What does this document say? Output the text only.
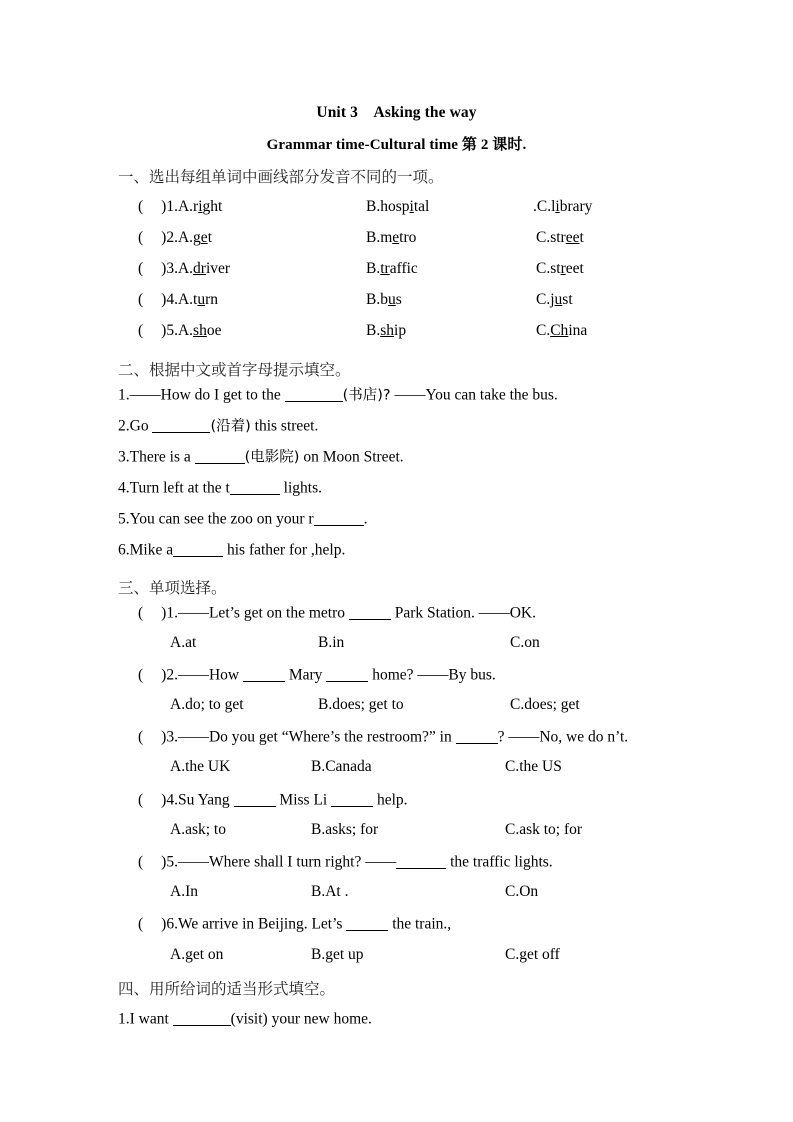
Unit 3 Asking the way
Grammar time-Cultural time 第 2 课时.
一、选出每组单词中画线部分发音不同的一项。
( )1.A.right	B.hospital	.C.library
( )2.A.get	B.metro	C.street
( )3.A.driver	B.traffic	C.street
( )4.A.turn	B.bus	C.just
( )5.A.shoe	B.ship	C.China
二、根据中文或首字母提示填空。
1.——How do I get to the	(书店)? ——You can take the bus.
2.Go	(沿着) this street.
3.There is a	(电影院) on Moon Street.
4.Turn left at the t	lights.
5.You can see the zoo on your r	.
6.Mike a	his father for ,help.
三、单项选择。
( )1.——Let’s get on the metro	Park Station. ——OK.
A.at	B.in	C.on
( )2.——How	Mary	home? ——By bus.
A.do; to get	B.does; get to	C.does; get
( )3.——Do you get “Where’s the restroom?” in	? ——No, we do n’t.
A.the UK	B.Canada	C.the US
( )4.Su Yang	Miss Li	help.
A.ask; to	B.asks; for	C.ask to; for
( )5.——Where shall I turn right? ——	the traffic lights.
A.In	B.At .	C.On
( )6.We arrive in Beijing. Let’s	the train.,
A.get on	B.get up	C.get off
四、用所给词的适当形式填空。
1.I want	(visit) your new home.
